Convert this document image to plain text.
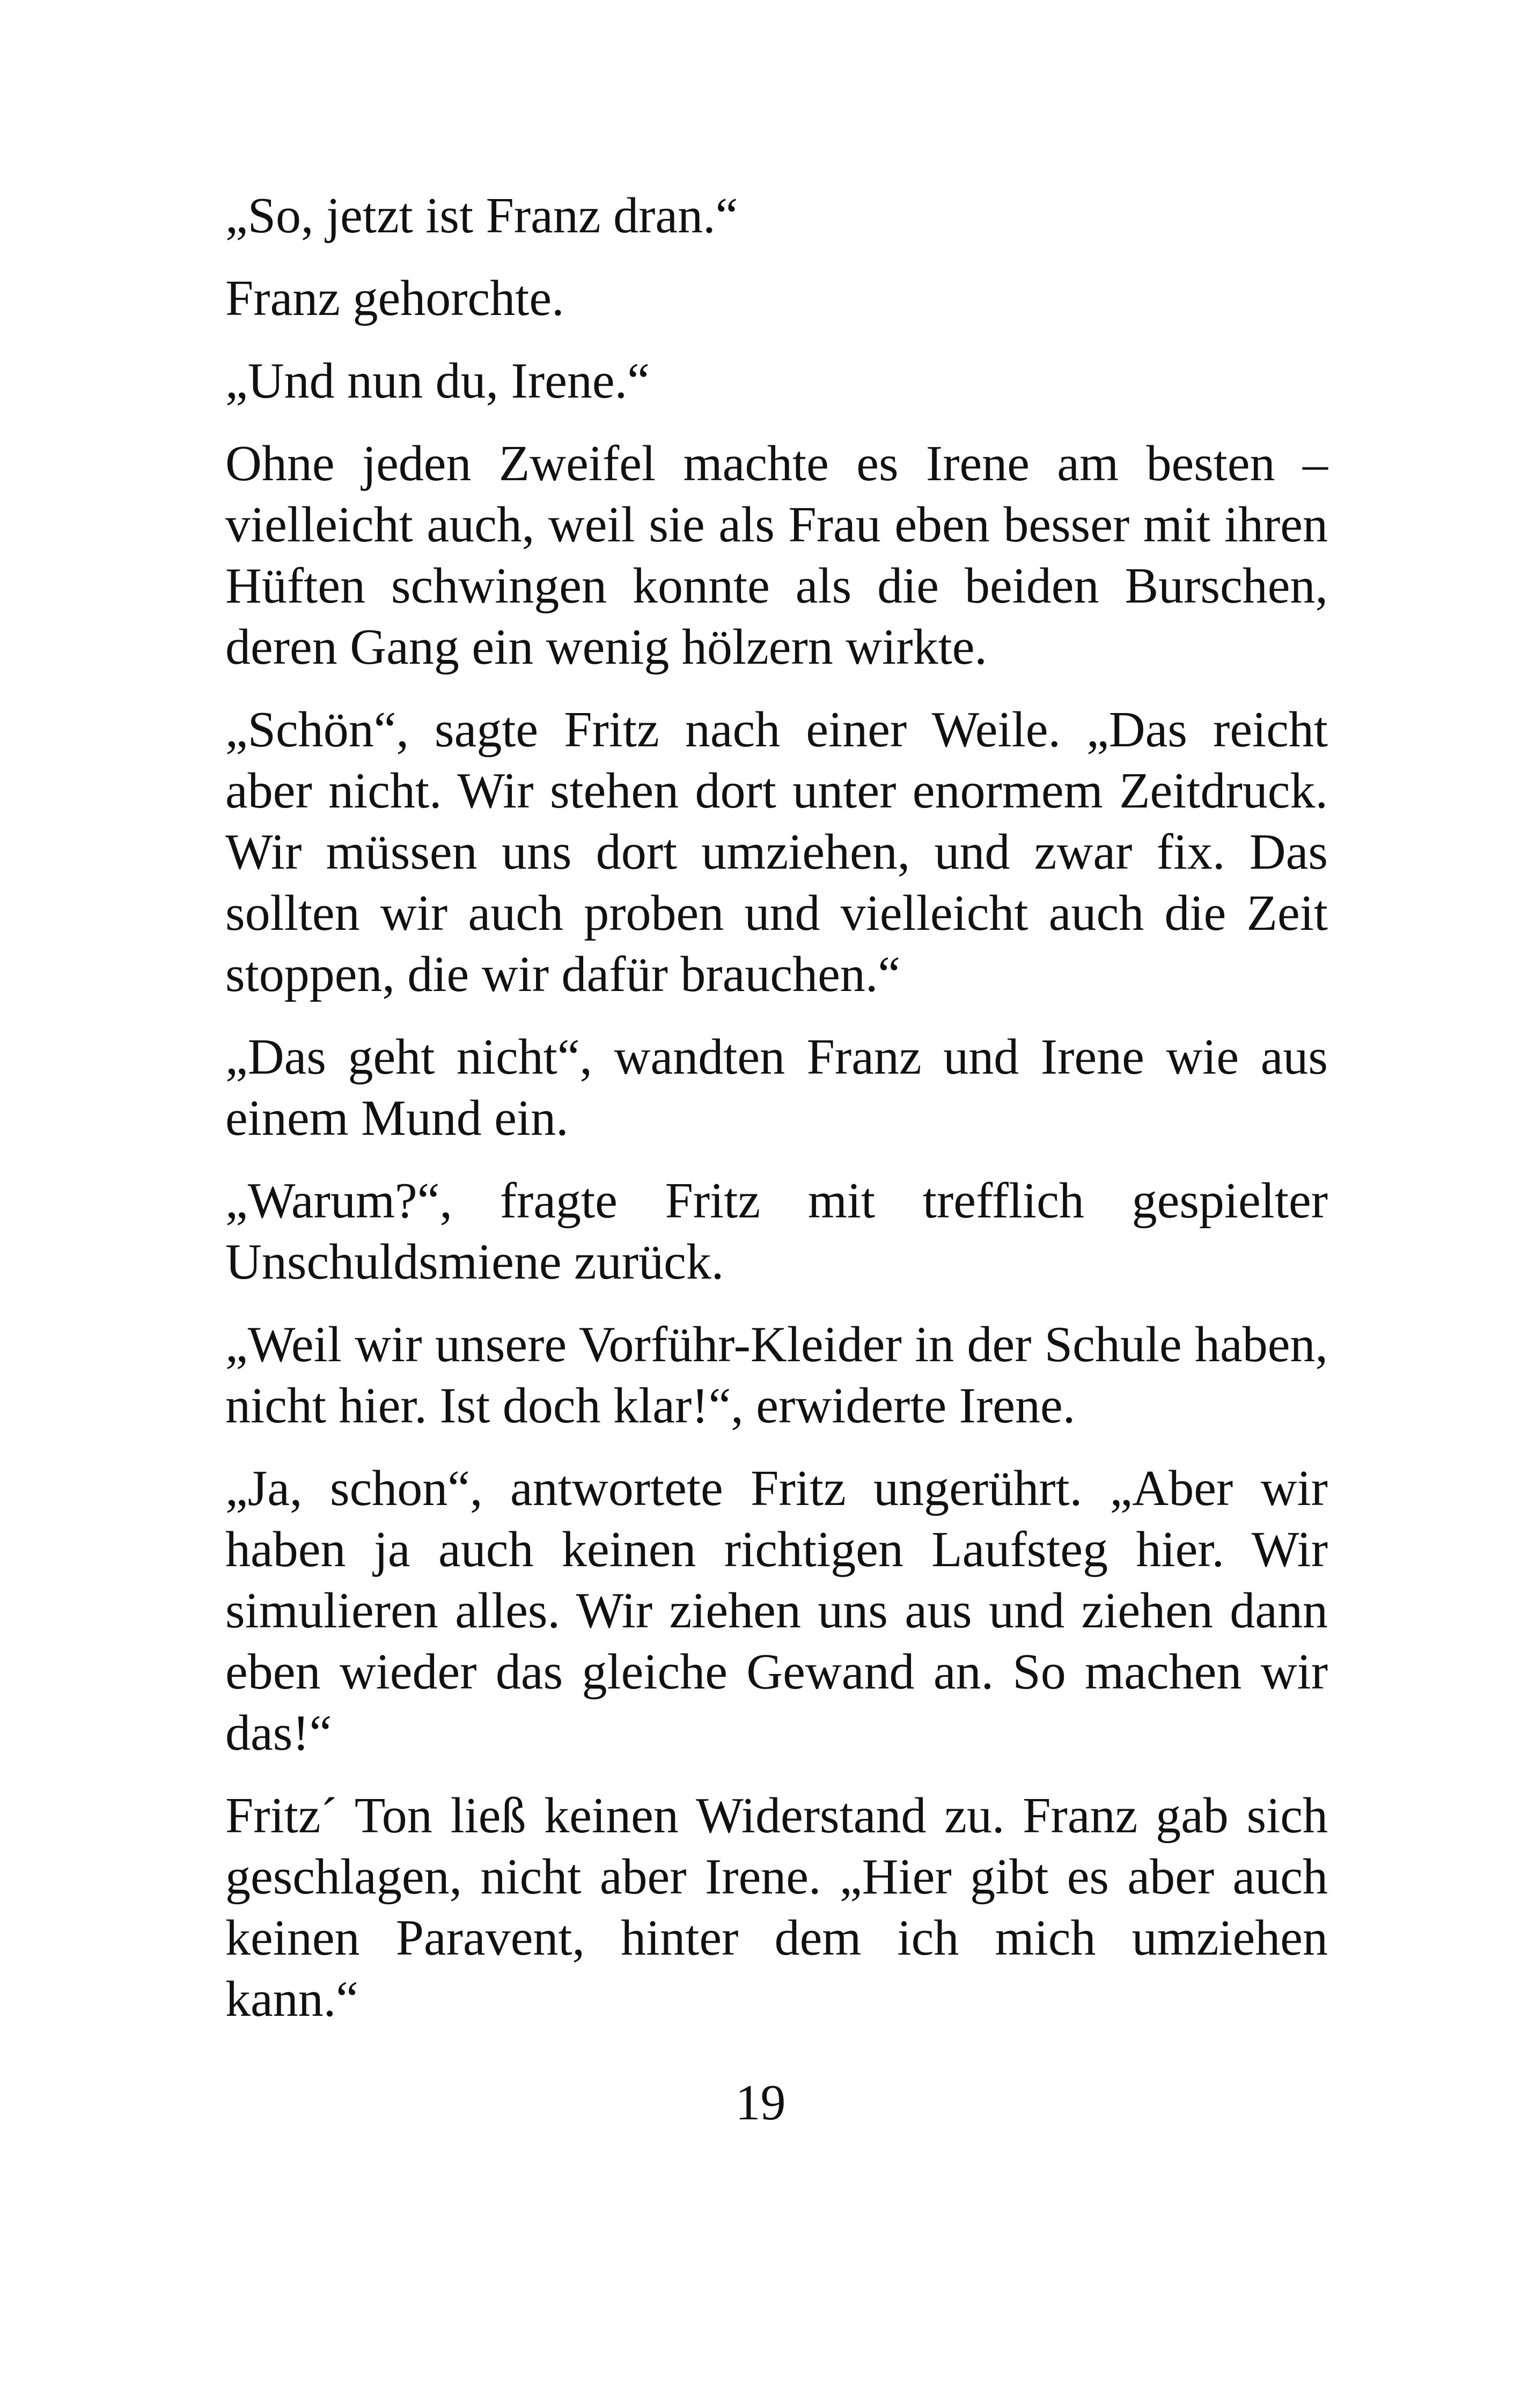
„So, jetzt ist Franz dran.“

Franz gehorchte.

„Und nun du, Irene.“

Ohne jeden Zweifel machte es Irene am besten – vielleicht auch, weil sie als Frau eben besser mit ihren Hüften schwingen konnte als die beiden Burschen, deren Gang ein wenig hölzern wirkte.

„Schön“, sagte Fritz nach einer Weile. „Das reicht aber nicht. Wir stehen dort unter enormem Zeitdruck. Wir müssen uns dort umziehen, und zwar fix. Das sollten wir auch proben und vielleicht auch die Zeit stoppen, die wir dafür brauchen.“

„Das geht nicht“, wandten Franz und Irene wie aus einem Mund ein.

„Warum?“, fragte Fritz mit trefflich gespielter Unschuldsmiene zurück.

„Weil wir unsere Vorführ-Kleider in der Schule haben, nicht hier. Ist doch klar!“, erwiderte Irene.

„Ja, schon“, antwortete Fritz ungerührt. „Aber wir haben ja auch keinen richtigen Laufsteg hier. Wir simulieren alles. Wir ziehen uns aus und ziehen dann eben wieder das gleiche Gewand an. So machen wir das!“

Fritz´ Ton ließ keinen Widerstand zu. Franz gab sich geschlagen, nicht aber Irene. „Hier gibt es aber auch keinen Paravent, hinter dem ich mich umziehen kann.“

19
